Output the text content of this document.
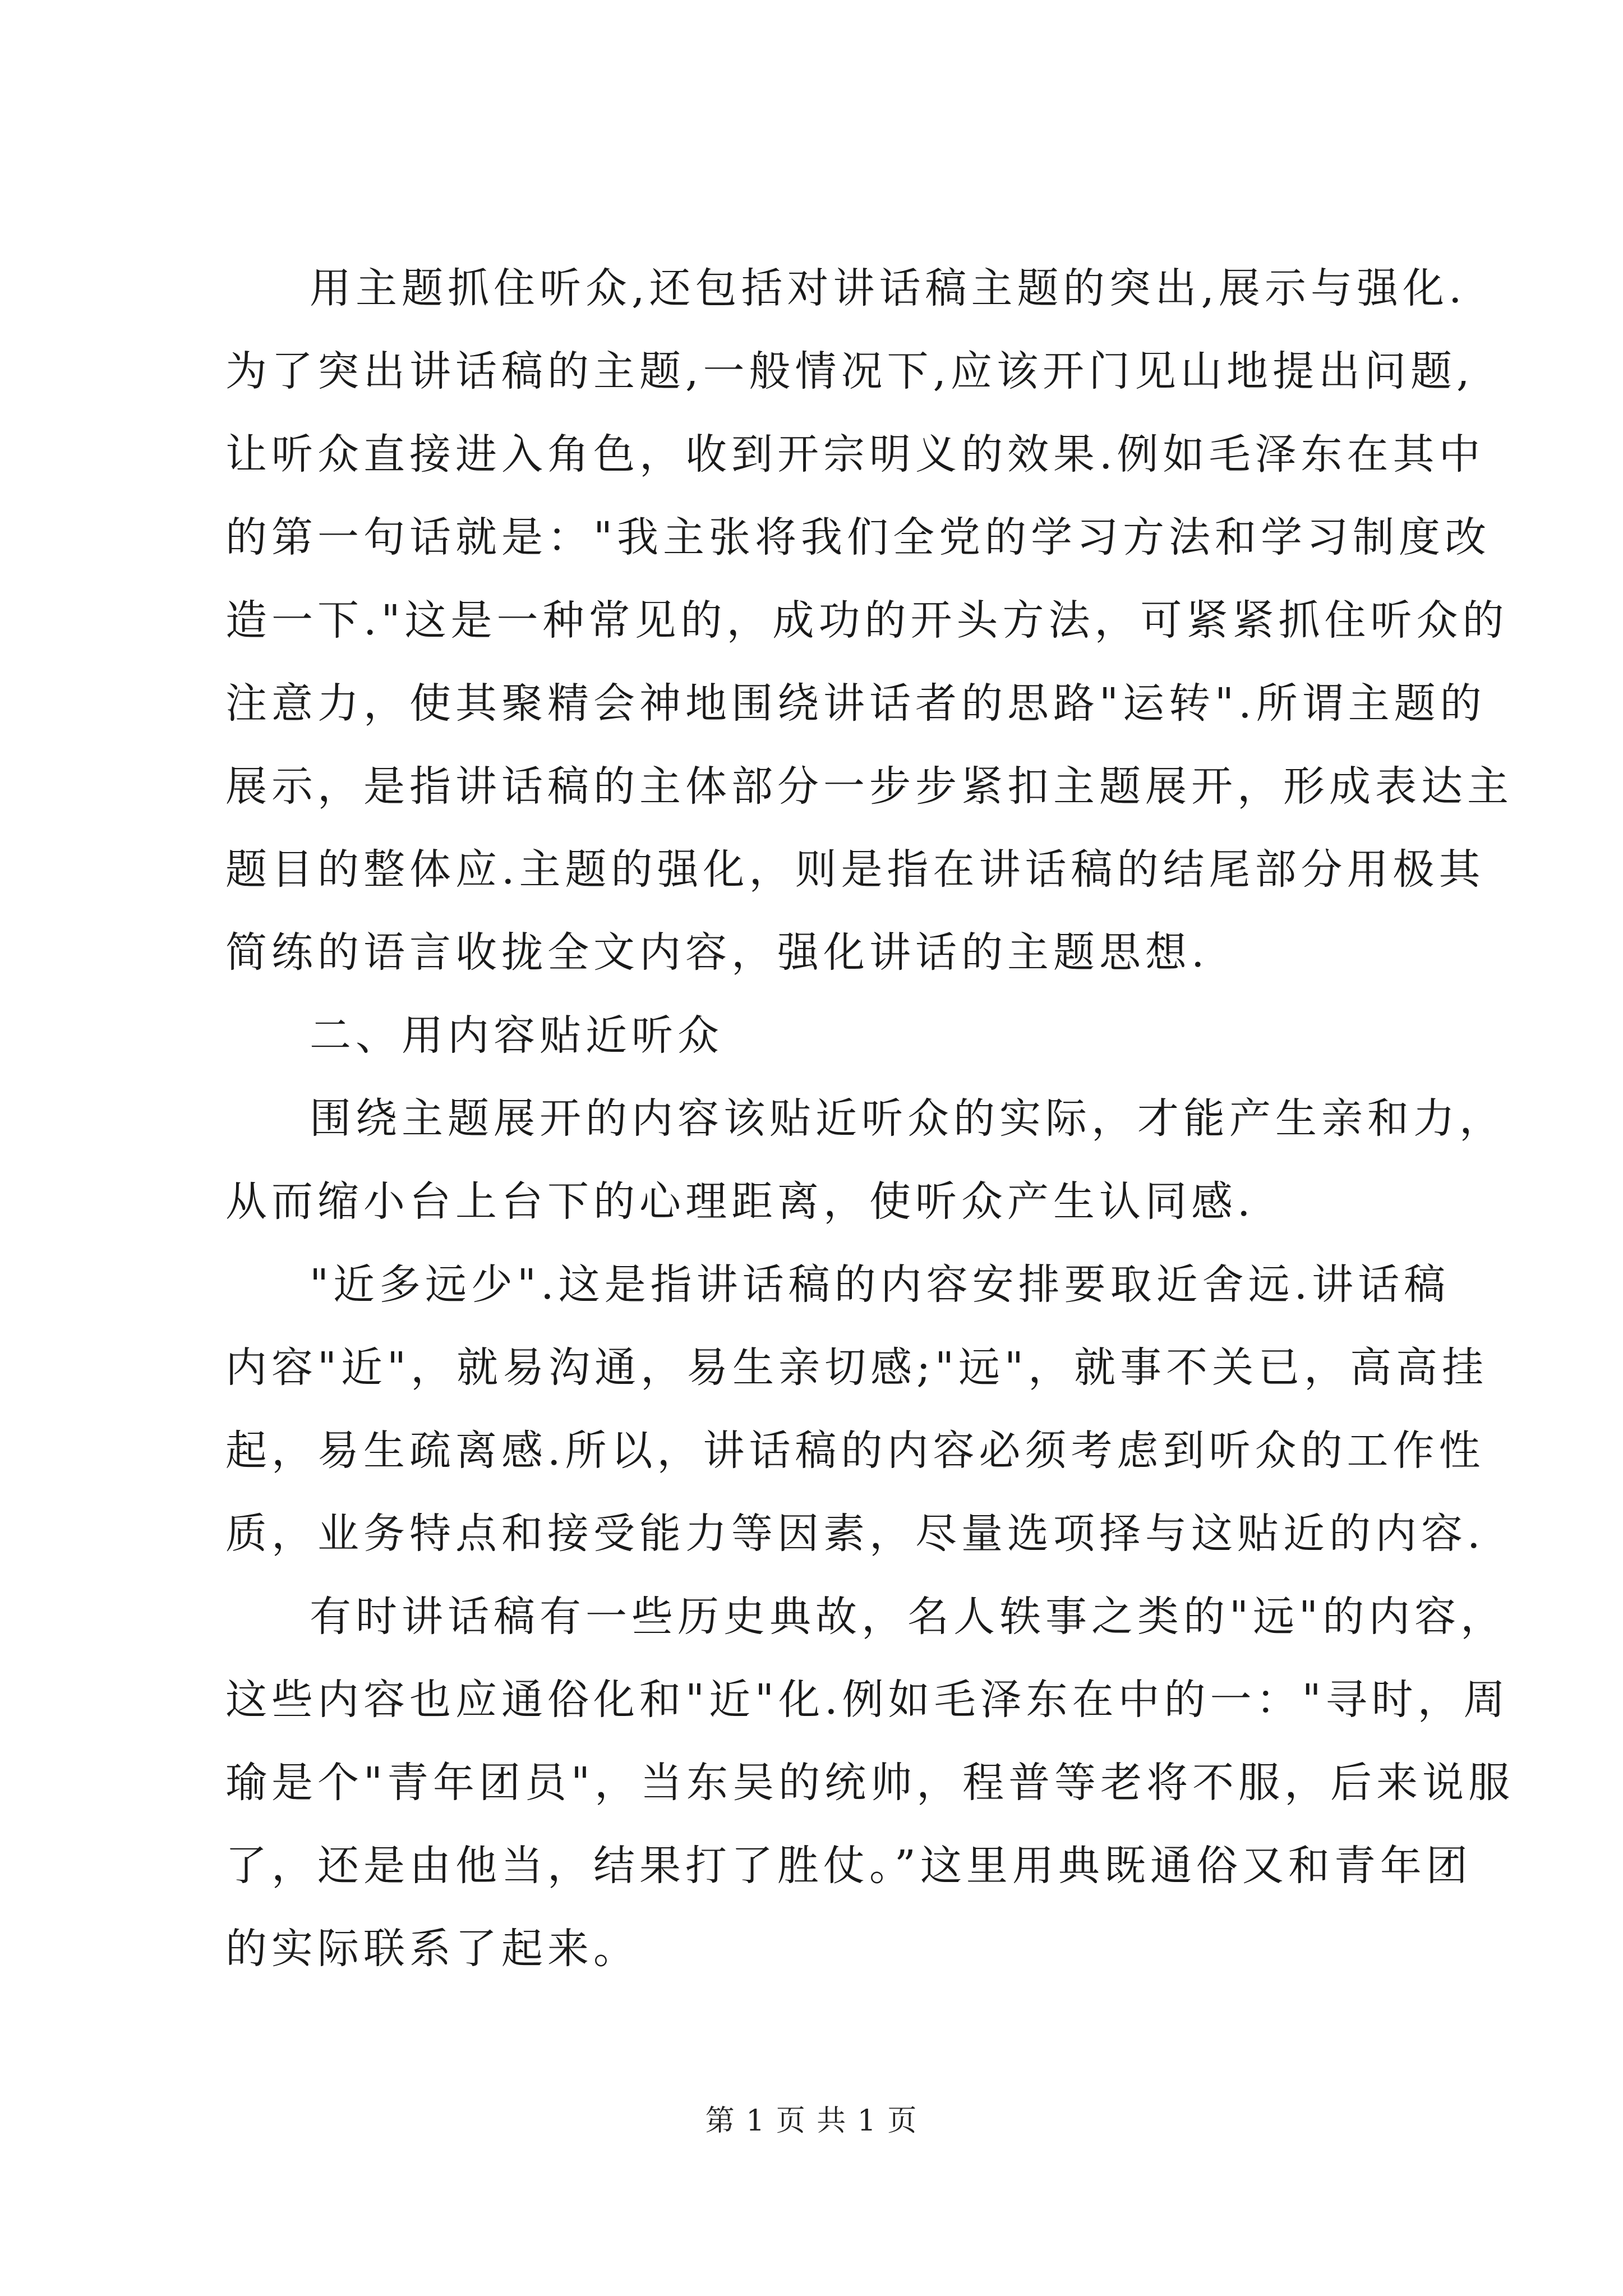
用主题抓住听众,还包括对讲话稿主题的突出,展示与强化.
为了突出讲话稿的主题,一般情况下,应该开门见山地提出问题,
让听众直接进入角色，收到开宗明义的效果.例如毛泽东在其中
的第一句话就是："我主张将我们全党的学习方法和学习制度改
造一下."这是一种常见的，成功的开头方法，可紧紧抓住听众的
注意力，使其聚精会神地围绕讲话者的思路"运转".所谓主题的
展示，是指讲话稿的主体部分一步步紧扣主题展开，形成表达主
题目的整体应.主题的强化，则是指在讲话稿的结尾部分用极其
简练的语言收拢全文内容，强化讲话的主题思想.
二、用内容贴近听众
围绕主题展开的内容该贴近听众的实际，才能产生亲和力，
从而缩小台上台下的心理距离，使听众产生认同感.
"近多远少".这是指讲话稿的内容安排要取近舍远.讲话稿
内容"近"，就易沟通，易生亲切感;"远"，就事不关已，高高挂
起，易生疏离感.所以，讲话稿的内容必须考虑到听众的工作性
质，业务特点和接受能力等因素，尽量选项择与这贴近的内容.
有时讲话稿有一些历史典故，名人轶事之类的"远"的内容，
这些内容也应通俗化和"近"化.例如毛泽东在中的一："寻时，周
瑜是个"青年团员"，当东吴的统帅，程普等老将不服，后来说服
了，还是由他当，结果打了胜仗。”这里用典既通俗又和青年团
的实际联系了起来。
第 1 页 共 1 页
